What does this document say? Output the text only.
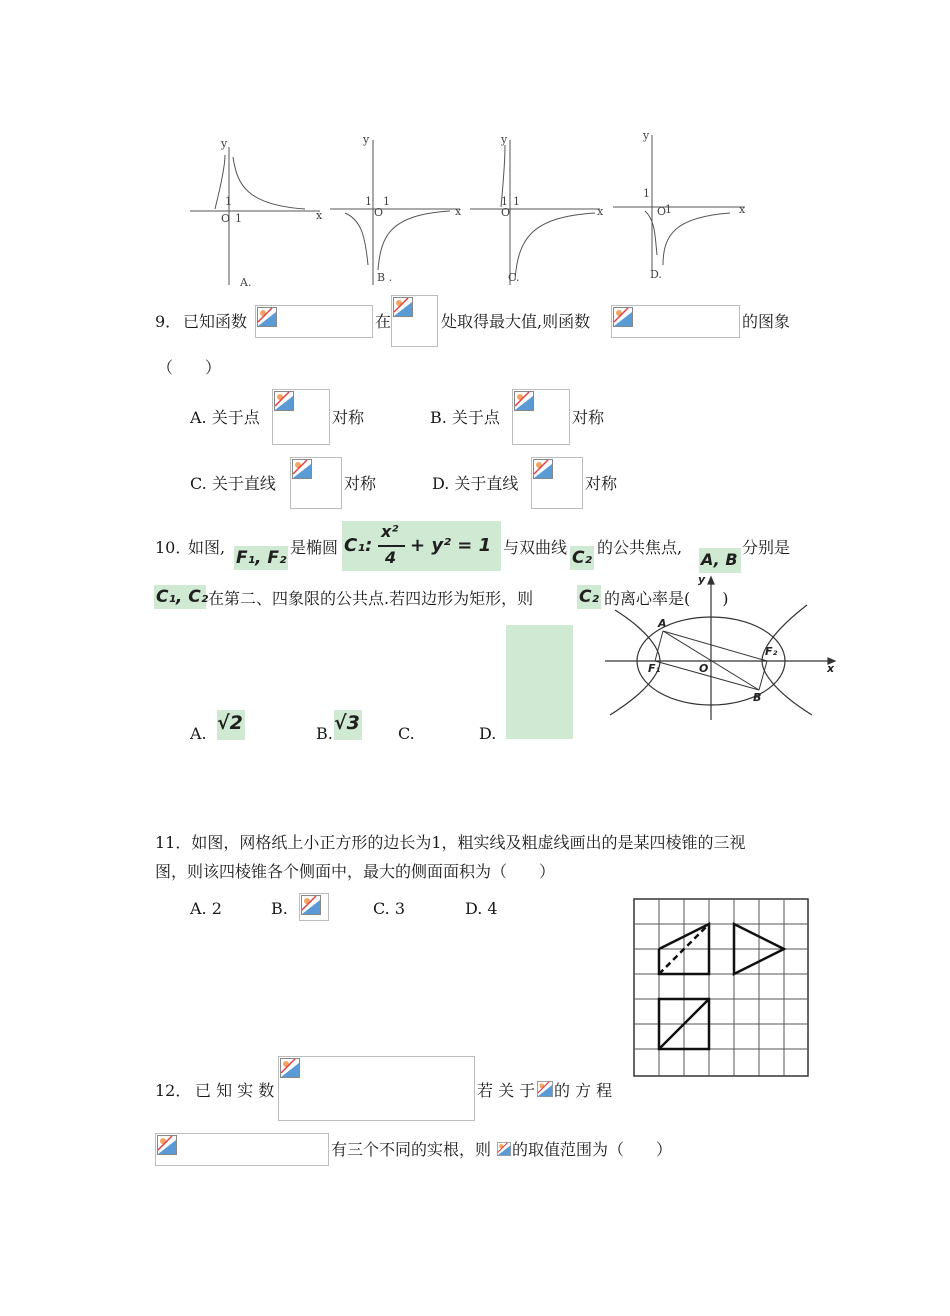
y
x
O 1
1
y
x
O
1
1
y
x
O
1
1
y
x
O
1
1
A.	B .	C.	D.
9． 已知函数	在	处取得最大值,则函数	的图象
（　　）
A. 关于点	对称	B. 关于点	对称
C. 关于直线	对称	D. 关于直线	对称
10．
如图,
F₁, F₂
是椭圆 C₁:
x²
4
+ y² = 1 与双曲线
C₂
的公共焦点,
A, B
分别是
C₁, C₂ 在第二、四象限的公共点.若四边形为矩形，则	C₂ 的离心率是(　　)
A. √2	B. √3 C.	D.
y
x
A
B
O
F₁
F₂
11．如图，网格纸上小正方形的边长为1，粗实线及粗虚线画出的是某四棱锥的三视
图，则该四棱锥各个侧面中，最大的侧面面积为（　　）
A. 2	B.	C. 3	D. 4
12． 已 知 实 数	若 关 于 的 方 程
有三个不同的实根，则 的取值范围为（　　）
